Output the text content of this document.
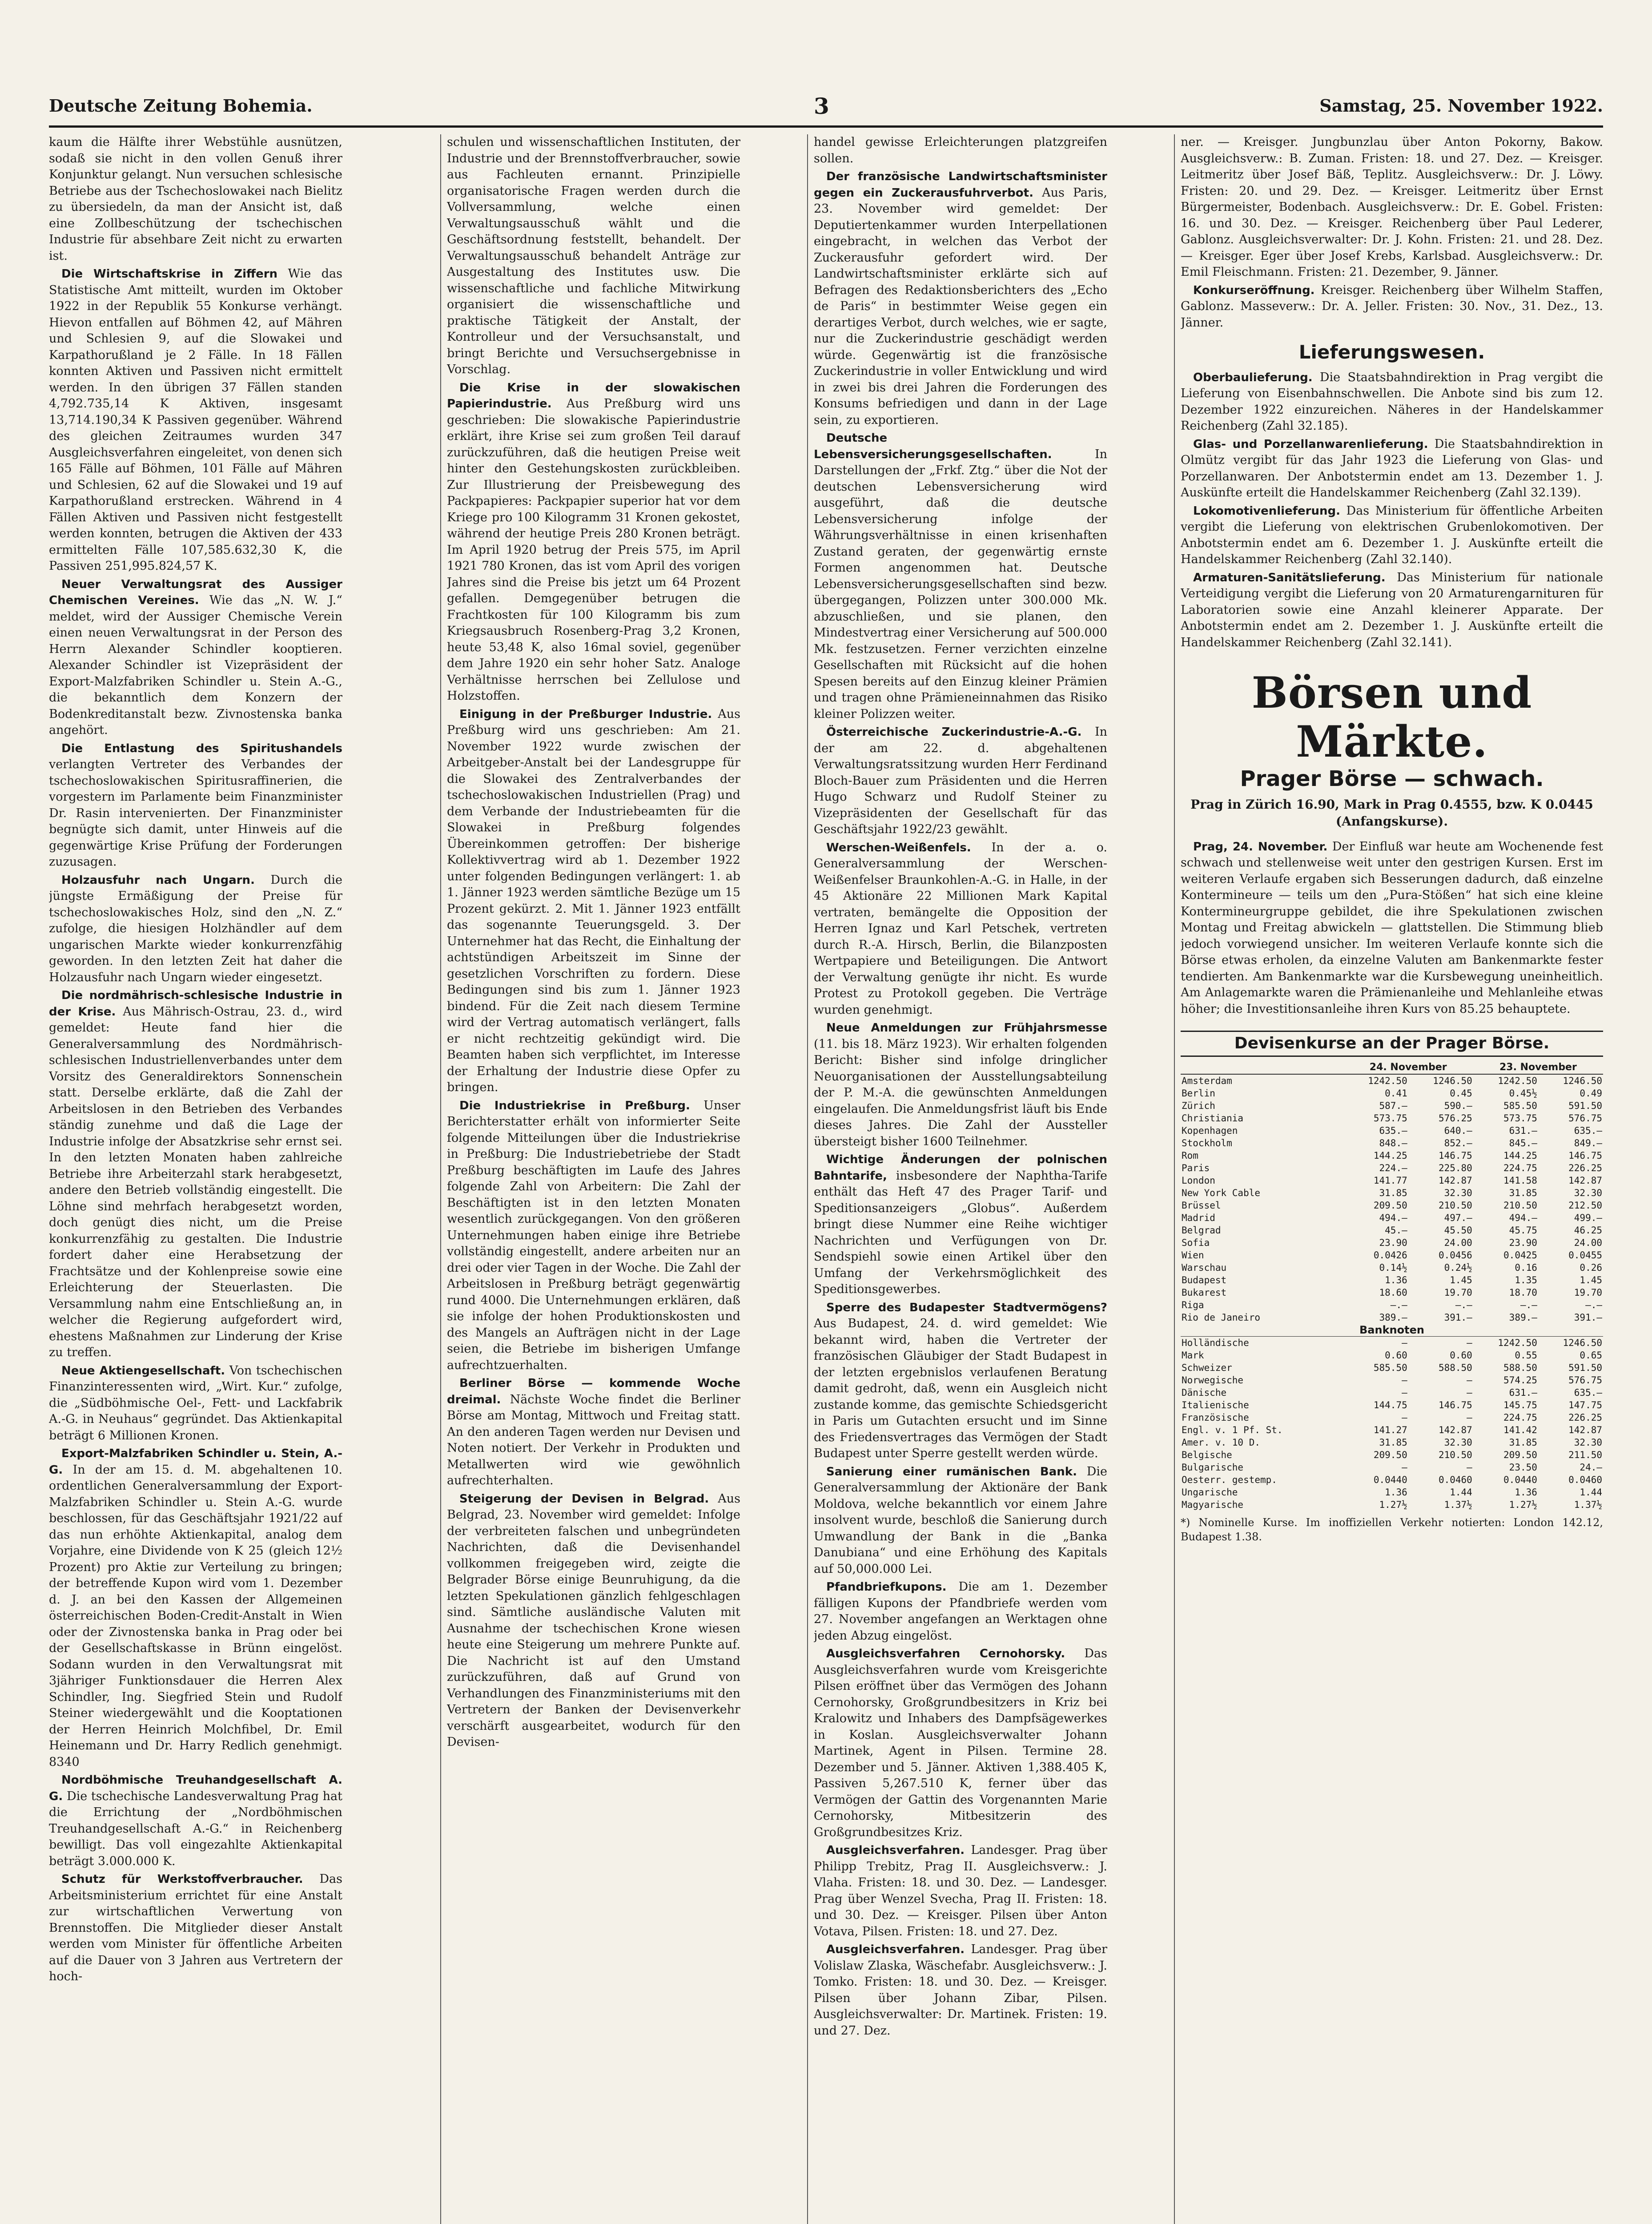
Deutsche Zeitung Bohemia.	3	Samstag, 25. November 1922.

kaum die Hälfte ihrer Webstühle ausnützen, sodaß sie nicht in den vollen Genuß ihrer Konjunktur gelangt. Nun versuchen schlesische Betriebe aus der Tschechoslowakei nach Bielitz zu übersiedeln, da man der Ansicht ist, daß eine Zollbeschützung der tschechischen Industrie für absehbare Zeit nicht zu erwarten ist.

Die Wirtschaftskrise in Ziffern Wie das Statistische Amt mitteilt, wurden im Oktober 1922 in der Republik 55 Konkurse verhängt. Hievon entfallen auf Böhmen 42, auf Mähren und Schlesien 9, auf die Slowakei und Karpathorußland je 2 Fälle. In 18 Fällen konnten Aktiven und Passiven nicht ermittelt werden. In den übrigen 37 Fällen standen 4,792.735,14 K Aktiven, insgesamt 13,714.190,34 K Passiven gegenüber. Während des gleichen Zeitraumes wurden 347 Ausgleichsverfahren eingeleitet, von denen sich 165 Fälle auf Böhmen, 101 Fälle auf Mähren und Schlesien, 62 auf die Slowakei und 19 auf Karpathorußland erstrecken. Während in 4 Fällen Aktiven und Passiven nicht festgestellt werden konnten, betrugen die Aktiven der 433 ermittelten Fälle 107,585.632,30 K, die Passiven 251,995.824,57 K.

Neuer Verwaltungsrat des Aussiger Chemischen Vereines. Wie das „N. W. J.“ meldet, wird der Aussiger Chemische Verein einen neuen Verwaltungsrat in der Person des Herrn Alexander Schindler kooptieren. Alexander Schindler ist Vizepräsident der Export-Malzfabriken Schindler u. Stein A.-G., die bekanntlich dem Konzern der Bodenkreditanstalt bezw. Zivnostenska banka angehört.

Die Entlastung des Spiritushandels verlangten Vertreter des Verbandes der tschechoslowakischen Spiritusraffinerien, die vorgestern im Parlamente beim Finanzminister Dr. Rasin intervenierten. Der Finanzminister begnügte sich damit, unter Hinweis auf die gegenwärtige Krise Prüfung der Forderungen zuzusagen.

Holzausfuhr nach Ungarn. Durch die jüngste Ermäßigung der Preise für tschechoslowakisches Holz, sind den „N. Z.“ zufolge, die hiesigen Holzhändler auf dem ungarischen Markte wieder konkurrenzfähig geworden. In den letzten Zeit hat daher die Holzausfuhr nach Ungarn wieder eingesetzt.

Die nordmährisch-schlesische Industrie in der Krise. Aus Mährisch-Ostrau, 23. d., wird gemeldet: Heute fand hier die Generalversammlung des Nordmährisch-schlesischen Industriellenverbandes unter dem Vorsitz des Generaldirektors Sonnenschein statt. Derselbe erklärte, daß die Zahl der Arbeitslosen in den Betrieben des Verbandes ständig zunehme und daß die Lage der Industrie infolge der Absatzkrise sehr ernst sei. In den letzten Monaten haben zahlreiche Betriebe ihre Arbeiterzahl stark herabgesetzt, andere den Betrieb vollständig eingestellt. Die Löhne sind mehrfach herabgesetzt worden, doch genügt dies nicht, um die Preise konkurrenzfähig zu gestalten. Die Industrie fordert daher eine Herabsetzung der Frachtsätze und der Kohlenpreise sowie eine Erleichterung der Steuerlasten. Die Versammlung nahm eine Entschließung an, in welcher die Regierung aufgefordert wird, ehestens Maßnahmen zur Linderung der Krise zu treffen.

Neue Aktiengesellschaft. Von tschechischen Finanzinteressenten wird, „Wirt. Kur.“ zufolge, die „Südböhmische Oel-, Fett- und Lackfabrik A.-G. in Neuhaus“ gegründet. Das Aktienkapital beträgt 6 Millionen Kronen.

Export-Malzfabriken Schindler u. Stein, A.-G. In der am 15. d. M. abgehaltenen 10. ordentlichen Generalversammlung der Export-Malzfabriken Schindler u. Stein A.-G. wurde beschlossen, für das Geschäftsjahr 1921/22 auf das nun erhöhte Aktienkapital, analog dem Vorjahre, eine Dividende von K 25 (gleich 12½ Prozent) pro Aktie zur Verteilung zu bringen; der betreffende Kupon wird vom 1. Dezember d. J. an bei den Kassen der Allgemeinen österreichischen Boden-Credit-Anstalt in Wien oder der Zivnostenska banka in Prag oder bei der Gesellschaftskasse in Brünn eingelöst. Sodann wurden in den Verwaltungsrat mit 3jähriger Funktionsdauer die Herren Alex Schindler, Ing. Siegfried Stein und Rudolf Steiner wiedergewählt und die Kooptationen der Herren Heinrich Molchfibel, Dr. Emil Heinemann und Dr. Harry Redlich genehmigt. 8340

Nordböhmische Treuhandgesellschaft A. G. Die tschechische Landesverwaltung Prag hat die Errichtung der „Nordböhmischen Treuhandgesellschaft A.-G.“ in Reichenberg bewilligt. Das voll eingezahlte Aktienkapital beträgt 3.000.000 K.

Schutz für Werkstoffverbraucher. Das Arbeitsministerium errichtet für eine Anstalt zur wirtschaftlichen Verwertung von Brennstoffen. Die Mitglieder dieser Anstalt werden vom Minister für öffentliche Arbeiten auf die Dauer von 3 Jahren aus Vertretern der hoch-

schulen und wissenschaftlichen Instituten, der Industrie und der Brennstoffverbraucher, sowie aus Fachleuten ernannt. Prinzipielle organisatorische Fragen werden durch die Vollversammlung, welche einen Verwaltungsausschuß wählt und die Geschäftsordnung feststellt, behandelt. Der Verwaltungsausschuß behandelt Anträge zur Ausgestaltung des Institutes usw. Die wissenschaftliche und fachliche Mitwirkung organisiert die wissenschaftliche und praktische Tätigkeit der Anstalt, der Kontrolleur und der Versuchsanstalt, und bringt Berichte und Versuchsergebnisse in Vorschlag.

Die Krise in der slowakischen Papierindustrie. Aus Preßburg wird uns geschrieben: Die slowakische Papierindustrie erklärt, ihre Krise sei zum großen Teil darauf zurückzuführen, daß die heutigen Preise weit hinter den Gestehungskosten zurückbleiben. Zur Illustrierung der Preisbewegung des Packpapieres: Packpapier superior hat vor dem Kriege pro 100 Kilogramm 31 Kronen gekostet, während der heutige Preis 280 Kronen beträgt. Im April 1920 betrug der Preis 575, im April 1921 780 Kronen, das ist vom April des vorigen Jahres sind die Preise bis jetzt um 64 Prozent gefallen. Demgegenüber betrugen die Frachtkosten für 100 Kilogramm bis zum Kriegsausbruch Rosenberg-Prag 3,2 Kronen, heute 53,48 K, also 16mal soviel, gegenüber dem Jahre 1920 ein sehr hoher Satz. Analoge Verhältnisse herrschen bei Zellulose und Holzstoffen.

Einigung in der Preßburger Industrie. Aus Preßburg wird uns geschrieben: Am 21. November 1922 wurde zwischen der Arbeitgeber-Anstalt bei der Landesgruppe für die Slowakei des Zentralverbandes der tschechoslowakischen Industriellen (Prag) und dem Verbande der Industriebeamten für die Slowakei in Preßburg folgendes Übereinkommen getroffen: Der bisherige Kollektivvertrag wird ab 1. Dezember 1922 unter folgenden Bedingungen verlängert: 1. ab 1. Jänner 1923 werden sämtliche Bezüge um 15 Prozent gekürzt. 2. Mit 1. Jänner 1923 entfällt das sogenannte Teuerungsgeld. 3. Der Unternehmer hat das Recht, die Einhaltung der achtstündigen Arbeitszeit im Sinne der gesetzlichen Vorschriften zu fordern. Diese Bedingungen sind bis zum 1. Jänner 1923 bindend. Für die Zeit nach diesem Termine wird der Vertrag automatisch verlängert, falls er nicht rechtzeitig gekündigt wird. Die Beamten haben sich verpflichtet, im Interesse der Erhaltung der Industrie diese Opfer zu bringen.

Die Industriekrise in Preßburg. Unser Berichterstatter erhält von informierter Seite folgende Mitteilungen über die Industriekrise in Preßburg: Die Industriebetriebe der Stadt Preßburg beschäftigten im Laufe des Jahres folgende Zahl von Arbeitern: Die Zahl der Beschäftigten ist in den letzten Monaten wesentlich zurückgegangen. Von den größeren Unternehmungen haben einige ihre Betriebe vollständig eingestellt, andere arbeiten nur an drei oder vier Tagen in der Woche. Die Zahl der Arbeitslosen in Preßburg beträgt gegenwärtig rund 4000. Die Unternehmungen erklären, daß sie infolge der hohen Produktionskosten und des Mangels an Aufträgen nicht in der Lage seien, die Betriebe im bisherigen Umfange aufrechtzuerhalten.

Berliner Börse — kommende Woche dreimal. Nächste Woche findet die Berliner Börse am Montag, Mittwoch und Freitag statt. An den anderen Tagen werden nur Devisen und Noten notiert. Der Verkehr in Produkten und Metallwerten wird wie gewöhnlich aufrechterhalten.

Steigerung der Devisen in Belgrad. Aus Belgrad, 23. November wird gemeldet: Infolge der verbreiteten falschen und unbegründeten Nachrichten, daß die Devisenhandel vollkommen freigegeben wird, zeigte die Belgrader Börse einige Beunruhigung, da die letzten Spekulationen gänzlich fehlgeschlagen sind. Sämtliche ausländische Valuten mit Ausnahme der tschechischen Krone wiesen heute eine Steigerung um mehrere Punkte auf. Die Nachricht ist auf den Umstand zurückzuführen, daß auf Grund von Verhandlungen des Finanzministeriums mit den Vertretern der Banken der Devisenverkehr verschärft ausgearbeitet, wodurch für den Devisen-

handel gewisse Erleichterungen platzgreifen sollen.

Der französische Landwirtschaftsminister gegen ein Zuckerausfuhrverbot. Aus Paris, 23. November wird gemeldet: Der Deputiertenkammer wurden Interpellationen eingebracht, in welchen das Verbot der Zuckerausfuhr gefordert wird. Der Landwirtschaftsminister erklärte sich auf Befragen des Redaktionsberichters des „Echo de Paris“ in bestimmter Weise gegen ein derartiges Verbot, durch welches, wie er sagte, nur die Zuckerindustrie geschädigt werden würde. Gegenwärtig ist die französische Zuckerindustrie in voller Entwicklung und wird in zwei bis drei Jahren die Forderungen des Konsums befriedigen und dann in der Lage sein, zu exportieren.

Deutsche Lebensversicherungsgesellschaften.	In Darstellungen der „Frkf. Ztg.“ über die Not der deutschen Lebensversicherung wird ausgeführt, daß die deutsche Lebensversicherung infolge der Währungsverhältnisse in einen krisenhaften Zustand geraten, der gegenwärtig ernste Formen angenommen hat. Deutsche Lebensversicherungsgesellschaften sind bezw. übergegangen, Polizzen unter 300.000 Mk. abzuschließen, und sie planen, den Mindestvertrag einer Versicherung auf 500.000 Mk. festzusetzen. Ferner verzichten einzelne Gesellschaften mit Rücksicht auf die hohen Spesen bereits auf den Einzug kleiner Prämien und tragen ohne Prämieneinnahmen das Risiko kleiner Polizzen weiter.

Österreichische Zuckerindustrie-A.-G. In der am 22. d. abgehaltenen Verwaltungsratssitzung wurden Herr Ferdinand Bloch-Bauer zum Präsidenten und die Herren Hugo Schwarz und Rudolf Steiner zu Vizepräsidenten der Gesellschaft für das Geschäftsjahr 1922/23 gewählt.

Werschen-Weißenfels. In der a. o. Generalversammlung der Werschen-Weißenfelser Braunkohlen-A.-G. in Halle, in der 45 Aktionäre 22 Millionen Mark Kapital vertraten, bemängelte die Opposition der Herren Ignaz und Karl Petschek, vertreten durch R.-A. Hirsch, Berlin, die Bilanzposten Wertpapiere und Beteiligungen. Die Antwort der Verwaltung genügte ihr nicht. Es wurde Protest zu Protokoll gegeben. Die Verträge wurden genehmigt.

Neue Anmeldungen zur Frühjahrsmesse (11. bis 18. März 1923). Wir erhalten folgenden Bericht: Bisher sind infolge dringlicher Neuorganisationen der Ausstellungsabteilung der P. M.-A. die gewünschten Anmeldungen eingelaufen. Die Anmeldungsfrist läuft bis Ende dieses Jahres. Die Zahl der Aussteller übersteigt bisher 1600 Teilnehmer.

Wichtige Änderungen der polnischen Bahntarife, insbesondere der Naphtha-Tarife enthält das Heft 47 des Prager Tarif- und Speditionsanzeigers „Globus“. Außerdem bringt diese Nummer eine Reihe wichtiger Nachrichten und Verfügungen von Dr. Sendspiehl sowie einen Artikel über den Umfang der Verkehrsmöglichkeit des Speditionsgewerbes.

Sperre des Budapester Stadtvermögens? Aus Budapest, 24. d. wird gemeldet: Wie bekannt wird, haben die Vertreter der französischen Gläubiger der Stadt Budapest in der letzten ergebnislos verlaufenen Beratung damit gedroht, daß, wenn ein Ausgleich nicht zustande komme, das gemischte Schiedsgericht in Paris um Gutachten ersucht und im Sinne des Friedensvertrages das Vermögen der Stadt Budapest unter Sperre gestellt werden würde.

Sanierung einer rumänischen Bank. Die Generalversammlung der Aktionäre der Bank Moldova, welche bekanntlich vor einem Jahre insolvent wurde, beschloß die Sanierung durch Umwandlung der Bank in die „Banka Danubiana“ und eine Erhöhung des Kapitals auf 50,000.000 Lei.

Pfandbriefkupons. Die am 1. Dezember fälligen Kupons der Pfandbriefe werden vom 27. November angefangen an Werktagen ohne jeden Abzug eingelöst.

Ausgleichsverfahren Cernohorsky. Das Ausgleichsverfahren wurde vom Kreisgerichte Pilsen eröffnet über das Vermögen des Johann Cernohorsky, Großgrundbesitzers in Kriz bei Kralowitz und Inhabers des Dampfsägewerkes in Koslan. Ausgleichsverwalter Johann Martinek, Agent in Pilsen. Termine 28. Dezember und 5. Jänner. Aktiven 1,388.405 K, Passiven 5,267.510 K, ferner über das Vermögen der Gattin des Vorgenannten Marie Cernohorsky, Mitbesitzerin des Großgrundbesitzes Kriz.

Ausgleichsverfahren. Landesger. Prag über Philipp Trebitz, Prag II. Ausgleichsverw.: J. Vlaha. Fristen: 18. und 30. Dez. — Landesger. Prag über Wenzel Svecha, Prag II. Fristen: 18. und 30. Dez. — Kreisger. Pilsen über Anton Votava, Pilsen. Fristen: 18. und 27. Dez.

Ausgleichsverfahren. Landesger. Prag über Volislaw Zlaska, Wäschefabr. Ausgleichsverw.: J. Tomko. Fristen: 18. und 30. Dez. — Kreisger. Pilsen über Johann Zibar, Pilsen. Ausgleichsverwalter: Dr. Martinek. Fristen: 19. und 27. Dez.

ner. — Kreisger. Jungbunzlau über Anton Pokorny, Bakow. Ausgleichsverw.: B. Zuman. Fristen: 18. und 27. Dez. — Kreisger. Leitmeritz über Josef Bäß, Teplitz. Ausgleichsverw.: Dr. J. Löwy. Fristen: 20. und 29. Dez. — Kreisger. Leitmeritz über Ernst Bürgermeister, Bodenbach. Ausgleichsverw.: Dr. E. Gobel. Fristen: 16. und 30. Dez. — Kreisger. Reichenberg über Paul Lederer, Gablonz. Ausgleichsverwalter: Dr. J. Kohn. Fristen: 21. und 28. Dez. — Kreisger. Eger über Josef Krebs, Karlsbad. Ausgleichsverw.: Dr. Emil Fleischmann. Fristen: 21. Dezember, 9. Jänner.

Konkurseröffnung. Kreisger. Reichenberg über Wilhelm Staffen, Gablonz. Masseverw.: Dr. A. Jeller. Fristen: 30. Nov., 31. Dez., 13. Jänner.

Lieferungswesen.

Oberbaulieferung. Die Staatsbahndirektion in Prag vergibt die Lieferung von Eisenbahnschwellen. Die Anbote sind bis zum 12. Dezember 1922 einzureichen. Näheres in der Handelskammer Reichenberg (Zahl 32.185).

Glas- und Porzellanwarenlieferung. Die Staatsbahndirektion in Olmütz vergibt für das Jahr 1923 die Lieferung von Glas- und Porzellanwaren. Der Anbotstermin endet am 13. Dezember 1. J. Auskünfte erteilt die Handelskammer Reichenberg (Zahl 32.139).

Lokomotivenlieferung. Das Ministerium für öffentliche Arbeiten vergibt die Lieferung von elektrischen Grubenlokomotiven. Der Anbotstermin endet am 6. Dezember 1. J. Auskünfte erteilt die Handelskammer Reichenberg (Zahl 32.140).

Armaturen-Sanitätslieferung. Das Ministerium für nationale Verteidigung vergibt die Lieferung von 20 Armaturengarnituren für Laboratorien sowie eine Anzahl kleinerer Apparate. Der Anbotstermin endet am 2. Dezember 1. J. Auskünfte erteilt die Handelskammer Reichenberg (Zahl 32.141).

Börsen und Märkte.
Prager Börse — schwach.
Prag in Zürich 16.90, Mark in Prag 0.4555, bzw. K 0.0445 (Anfangskurse).

Prag, 24. November. Der Einfluß war heute am Wochenende fest schwach und stellenweise weit unter den gestrigen Kursen. Erst im weiteren Verlaufe ergaben sich Besserungen dadurch, daß einzelne Kontermineure — teils um den „Pura-Stößen“ hat sich eine kleine Kontermineurgruppe gebildet, die ihre Spekulationen zwischen Montag und Freitag abwickeln — glattstellen. Die Stimmung blieb jedoch vorwiegend unsicher. Im weiteren Verlaufe konnte sich die Börse etwas erholen, da einzelne Valuten am Bankenmarkte fester tendierten. Am Bankenmarkte war die Kursbewegung uneinheitlich. Am Anlagemarkte waren die Prämienanleihe und Mehlanleihe etwas höher; die Investitionsanleihe ihren Kurs von 85.25 behauptete.

Devisenkurse an der Prager Börse.
	24. November		23. November	
Amsterdam	1242.50	1246.50	1242.50	1246.50
Berlin	0.41	0.45	0.45½	0.49
Zürich	587.—	590.—	585.50	591.50
Christiania	573.75	576.25	573.75	576.75
Kopenhagen	635.—	640.—	631.—	635.—
Stockholm	848.—	852.—	845.—	849.—
Rom	144.25	146.75	144.25	146.75
Paris	224.—	225.80	224.75	226.25
London	141.77	142.87	141.58	142.87
New York Cable	31.85	32.30	31.85	32.30
Brüssel	209.50	210.50	210.50	212.50
Madrid	494.—	497.—	494.—	499.—
Belgrad	45.—	45.50	45.75	46.25
Sofia	23.90	24.00	23.90	24.00
Wien	0.0426	0.0456	0.0425	0.0455
Warschau	0.14½	0.24½	0.16	0.26
Budapest	1.36	1.45	1.35	1.45
Bukarest	18.60	19.70	18.70	19.70
Riga	—.—	—.—	—.—	—.—
Rio de Janeiro	389.—	391.—	389.—	391.—
Banknoten				
Holländische	—	—	1242.50	1246.50
Mark	0.60	0.60	0.55	0.65
Schweizer	585.50	588.50	588.50	591.50
Norwegische	—	—	574.25	576.75
Dänische	—	—	631.—	635.—
Italienische	144.75	146.75	145.75	147.75
Französische	—	—	224.75	226.25
Engl. v. 1 Pf. St.	141.27	142.87	141.42	142.87
Amer. v. 10 D.	31.85	32.30	31.85	32.30
Belgische	209.50	210.50	209.50	211.50
Bulgarische	—	—	23.50	24.—
Oesterr. gestemp.	0.0440	0.0460	0.0440	0.0460
Ungarische	1.36	1.44	1.36	1.44
Magyarische	1.27½	1.37½	1.27½	1.37½
*) Nominelle Kurse. Im inoffiziellen Verkehr notierten: London 142.12, Budapest 1.38.
